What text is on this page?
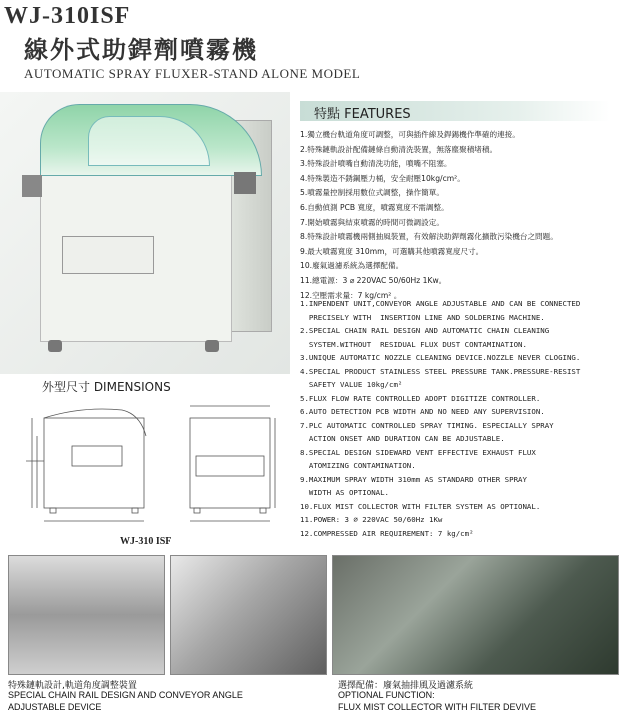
WJ-310ISF
線外式助銲劑噴霧機
AUTOMATIC SPRAY FLUXER-STAND ALONE MODEL
特點 FEATURES
1.獨立機台軌道角度可調整，可與插件線及銲錫機作準確的連接。
2.特殊鏈軌設計配備鏈條自動清洗裝置，無落塵聚積堵積。
3.特殊設計噴嘴自動清洗功能，噴嘴不阻塞。
4.特殊製造不銹鋼壓力桶，安全耐壓10kg/cm²。
5.噴霧量控制採用數位式調整，操作簡單。
6.自動偵測 PCB 寬度，噴霧寬度不需調整。
7.開始噴霧與結束噴霧的時間可微調設定。
8.特殊設計噴霧機兩側抽風裝置，有效解決助銲劑霧化擴散污染機台之問題。
9.最大噴霧寬度 310mm，可選購其他噴霧寬度尺寸。
10.廢氣過濾系統為選擇配備。
11.總電源：3 ⌀ 220VAC 50/60Hz 1Kw。
12.空壓需求量：7 kg/cm² 。
1.INPENDENT UNIT,CONVEYOR ANGLE ADJUSTABLE AND CAN BE CONNECTED
PRECISELY WITH  INSERTION LINE AND SOLDERING MACHINE.
2.SPECIAL CHAIN RAIL DESIGN AND AUTOMATIC CHAIN CLEANING
SYSTEM.WITHOUT  RESIDUAL FLUX DUST CONTAMINATION.
3.UNIQUE AUTOMATIC NOZZLE CLEANING DEVICE.NOZZLE NEVER CLOGING.
4.SPECIAL PRODUCT STAINLESS STEEL PRESSURE TANK.PRESSURE-RESIST
SAFETY VALUE 10kg/cm²
5.FLUX FLOW RATE CONTROLLED ADOPT DIGITIZE CONTROLLER.
6.AUTO DETECTION PCB WIDTH AND NO NEED ANY SUPERVISION.
7.PLC AUTOMATIC CONTROLLED SPRAY TIMING. ESPECIALLY SPRAY
ACTION ONSET AND DURATION CAN BE ADJUSTABLE.
8.SPECIAL DESIGN SIDEWARD VENT EFFECTIVE EXHAUST FLUX
ATOMIZING CONTAMINATION.
9.MAXIMUM SPRAY WIDTH 310mm AS STANDARD OTHER SPRAY
WIDTH AS OPTIONAL.
10.FLUX MIST COLLECTOR WITH FILTER SYSTEM AS OPTIONAL.
11.POWER: 3 ⌀ 220VAC 50/60Hz 1Kw
12.COMPRESSED AIR REQUIREMENT: 7 kg/cm²
外型尺寸 DIMENSIONS
WJ-310 ISF
特殊鏈軌設計,軌道角度調整裝置
SPECIAL CHAIN RAIL DESIGN AND CONVEYOR ANGLE
ADJUSTABLE DEVICE
選擇配備：廢氣抽排風及過濾系統
OPTIONAL FUNCTION:
FLUX MIST COLLECTOR WITH FILTER DEVIVE
